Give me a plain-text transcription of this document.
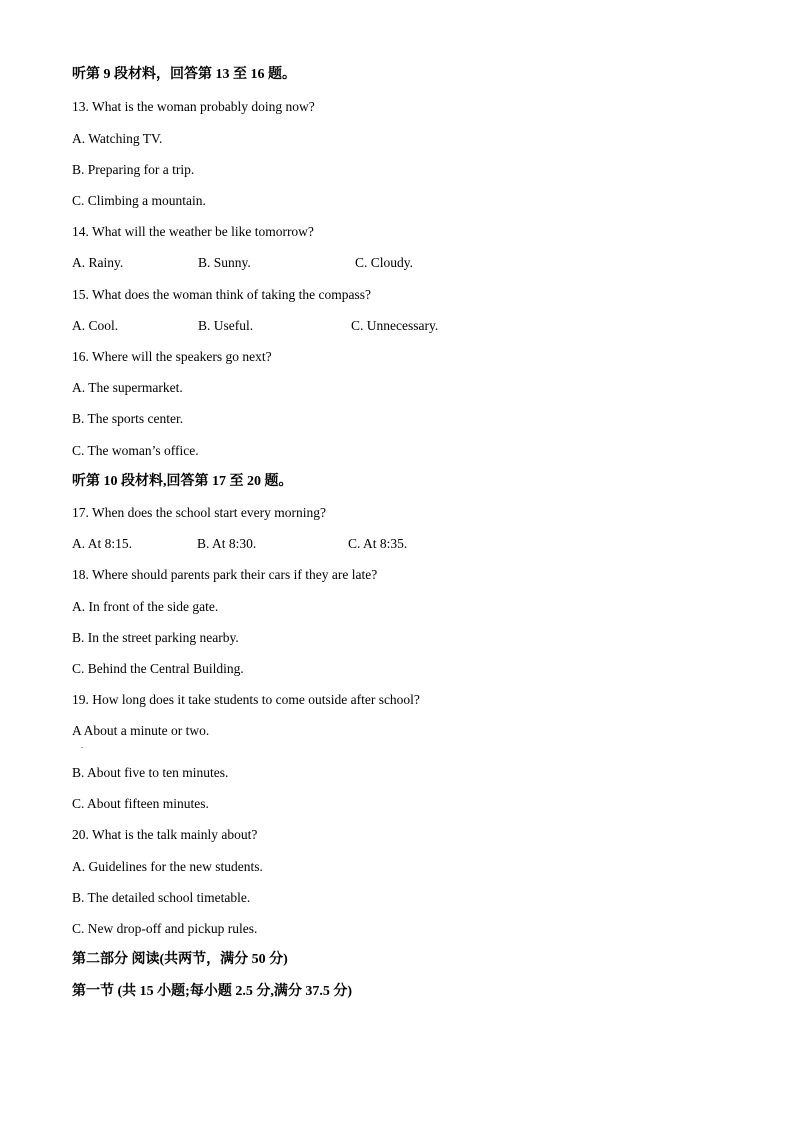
听第 9 段材料，回答第 13 至 16 题。
13. What is the woman probably doing now?
A. Watching TV.
B. Preparing for a trip.
C. Climbing a mountain.
14. What will the weather be like tomorrow?
A. Rainy.	B. Sunny.	C. Cloudy.
15. What does the woman think of taking the compass?
A. Cool.	B. Useful.	C. Unnecessary.
16. Where will the speakers go next?
A. The supermarket.
B. The sports center.
C. The woman’s office.
听第 10 段材料,回答第 17 至 20 题。
17. When does the school start every morning?
A. At 8:15.	B. At 8:30.	C. At 8:35.
18. Where should parents park their cars if they are late?
A. In front of the side gate.
B. In the street parking nearby.
C. Behind the Central Building.
19. How long does it take students to come outside after school?
A About a minute or two.
.
B. About five to ten minutes.
C. About fifteen minutes.
20. What is the talk mainly about?
A. Guidelines for the new students.
B. The detailed school timetable.
C. New drop-off and pickup rules.
第二部分 阅读(共两节，满分 50 分)
第一节 (共 15 小题;每小题 2.5 分,满分 37.5 分)
